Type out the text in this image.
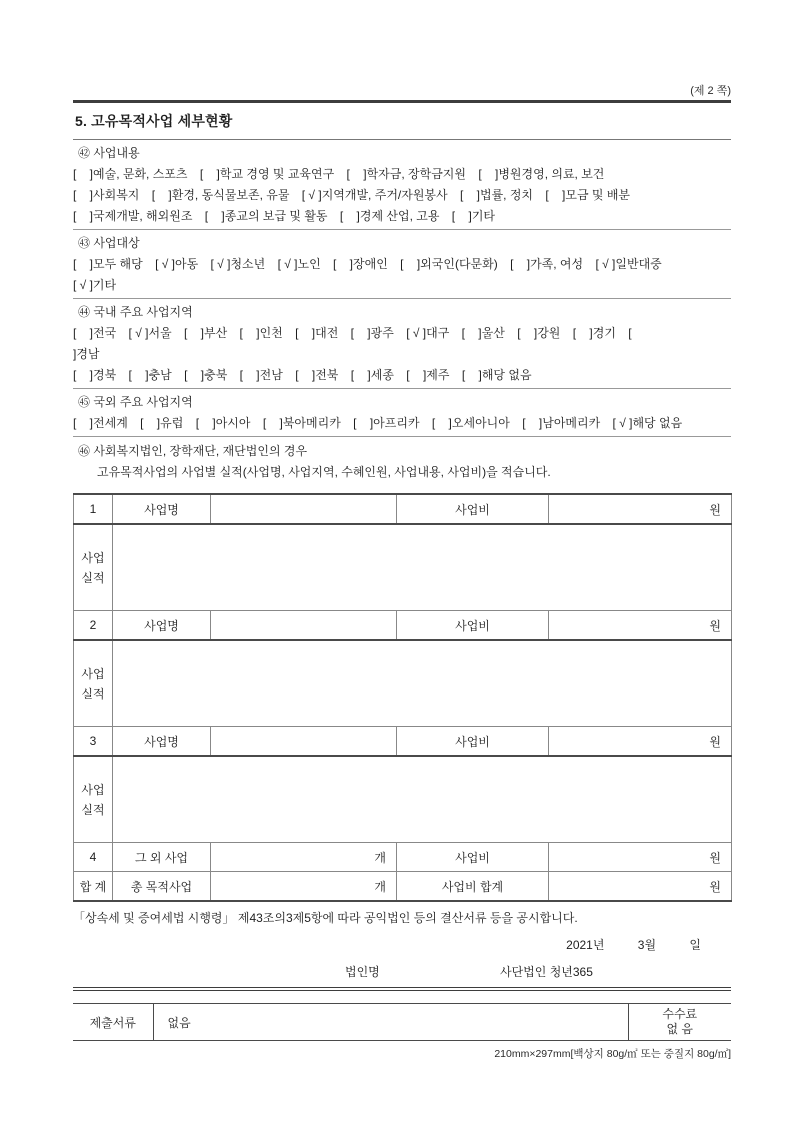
(제 2 쪽)
5. 고유목적사업 세부현황
㊷ 사업내용
[    ]예술, 문화, 스포츠 [    ]학교 경영 및 교육연구 [    ]학자금, 장학금지원 [    ]병원경영, 의료, 보건
[    ]사회복지 [    ]환경, 동식물보존, 유물 [ √ ]지역개발, 주거/자원봉사 [    ]법률, 정치 [    ]모금 및 배분
[    ]국제개발, 해외원조 [    ]종교의 보급 및 활동 [    ]경제 산업, 고용 [    ]기타
㊸ 사업대상
[    ]모두 해당 [ √ ]아동 [ √ ]청소년 [ √ ]노인 [    ]장애인 [    ]외국인(다문화) [    ]가족, 여성 [ √ ]일반대중
[ √ ]기타
㊹ 국내 주요 사업지역
[    ]전국 [ √ ]서울 [    ]부산 [    ]인천 [    ]대전 [    ]광주 [ √ ]대구 [    ]울산 [    ]강원 [    ]경기 [
]경남
[    ]경북 [    ]충남 [    ]충북 [    ]전남 [    ]전북 [    ]세종 [    ]제주 [    ]해당 없음
㊺ 국외 주요 사업지역
[    ]전세계 [    ]유럽 [    ]아시아 [    ]북아메리카 [    ]아프리카 [    ]오세아니아 [    ]남아메리카 [ √ ]해당 없음
㊻ 사회복지법인, 장학재단, 재단법인의 경우
고유목적사업의 사업별 실적(사업명, 사업지역, 수혜인원, 사업내용, 사업비)을 적습니다.
1	사업명		사업비	원

사업
실적				

2	사업명		사업비	원

사업
실적				

3	사업명		사업비	원

사업
실적				

4	그 외 사업	개	사업비	원
합 계	총 목적사업	개	사업비 합계	원
「상속세 및 증여세법 시행령」 제43조의3제5항에 따라 공익법인 등의 결산서류 등을 공시합니다.
2021년	3월	일
법인명	사단법인 청년365
제출서류	없음	
수수료
없 음
210mm×297mm[백상지 80g/㎡ 또는 중질지 80g/㎡]
